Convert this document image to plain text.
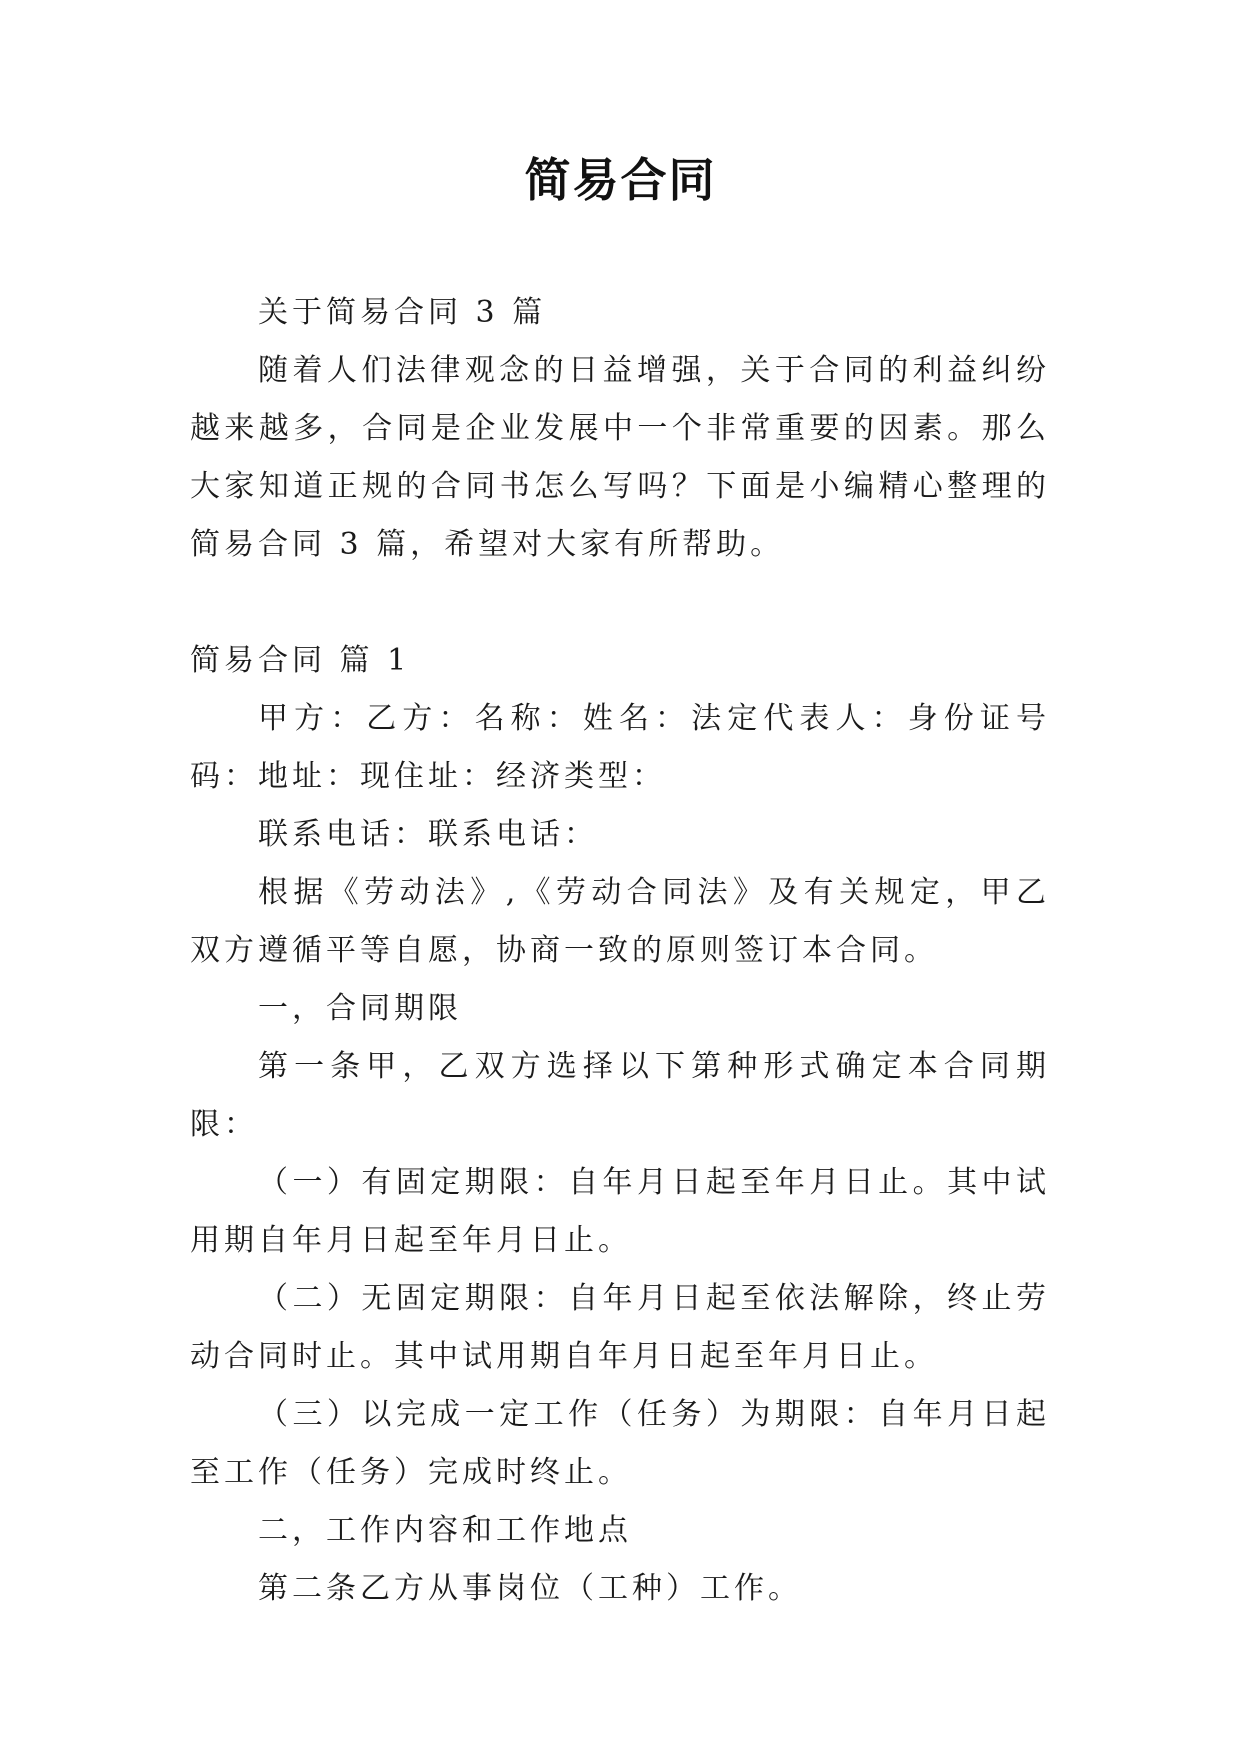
简易合同

关于简易合同 3 篇

随着人们法律观念的日益增强，关于合同的利益纠纷越来越多，合同是企业发展中一个非常重要的因素。那么大家知道正规的合同书怎么写吗？下面是小编精心整理的简易合同 3 篇，希望对大家有所帮助。

简易合同 篇 1

甲方：乙方：名称：姓名：法定代表人：身份证号码：地址：现住址：经济类型：

联系电话：联系电话：

根据《劳动法》,《劳动合同法》及有关规定，甲乙双方遵循平等自愿，协商一致的原则签订本合同。

一，合同期限

第一条甲，乙双方选择以下第种形式确定本合同期限：

（一）有固定期限：自年月日起至年月日止。其中试用期自年月日起至年月日止。

（二）无固定期限：自年月日起至依法解除，终止劳动合同时止。其中试用期自年月日起至年月日止。

（三）以完成一定工作（任务）为期限：自年月日起至工作（任务）完成时终止。

二，工作内容和工作地点

第二条乙方从事岗位（工种）工作。
